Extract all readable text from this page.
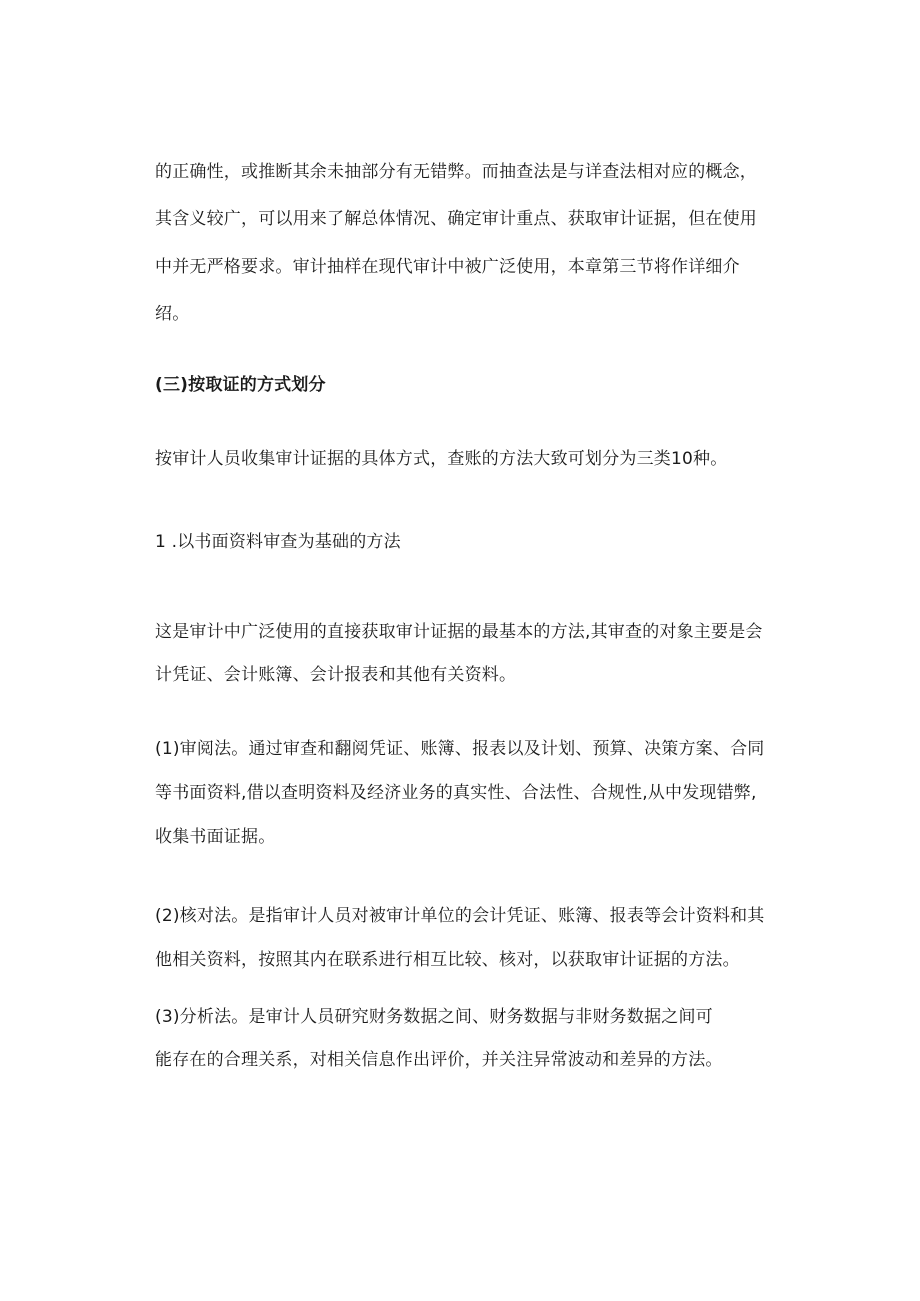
的正确性，或推断其余未抽部分有无错弊。而抽查法是与详查法相对应的概念，
其含义较广，可以用来了解总体情况、确定审计重点、获取审计证据，但在使用
中并无严格要求。审计抽样在现代审计中被广泛使用，本章第三节将作详细介
绍。
(三)按取证的方式划分
按审计人员收集审计证据的具体方式，查账的方法大致可划分为三类10种。
1 .以书面资料审查为基础的方法
这是审计中广泛使用的直接获取审计证据的最基本的方法,其审查的对象主要是会
计凭证、会计账簿、会计报表和其他有关资料。
(1)审阅法。通过审查和翻阅凭证、账簿、报表以及计划、预算、决策方案、合同
等书面资料,借以查明资料及经济业务的真实性、合法性、合规性,从中发现错弊,
收集书面证据。
(2)核对法。是指审计人员对被审计单位的会计凭证、账簿、报表等会计资料和其
他相关资料，按照其内在联系进行相互比较、核对，以获取审计证据的方法。
(3)分析法。是审计人员研究财务数据之间、财务数据与非财务数据之间可
能存在的合理关系，对相关信息作出评价，并关注异常波动和差异的方法。
